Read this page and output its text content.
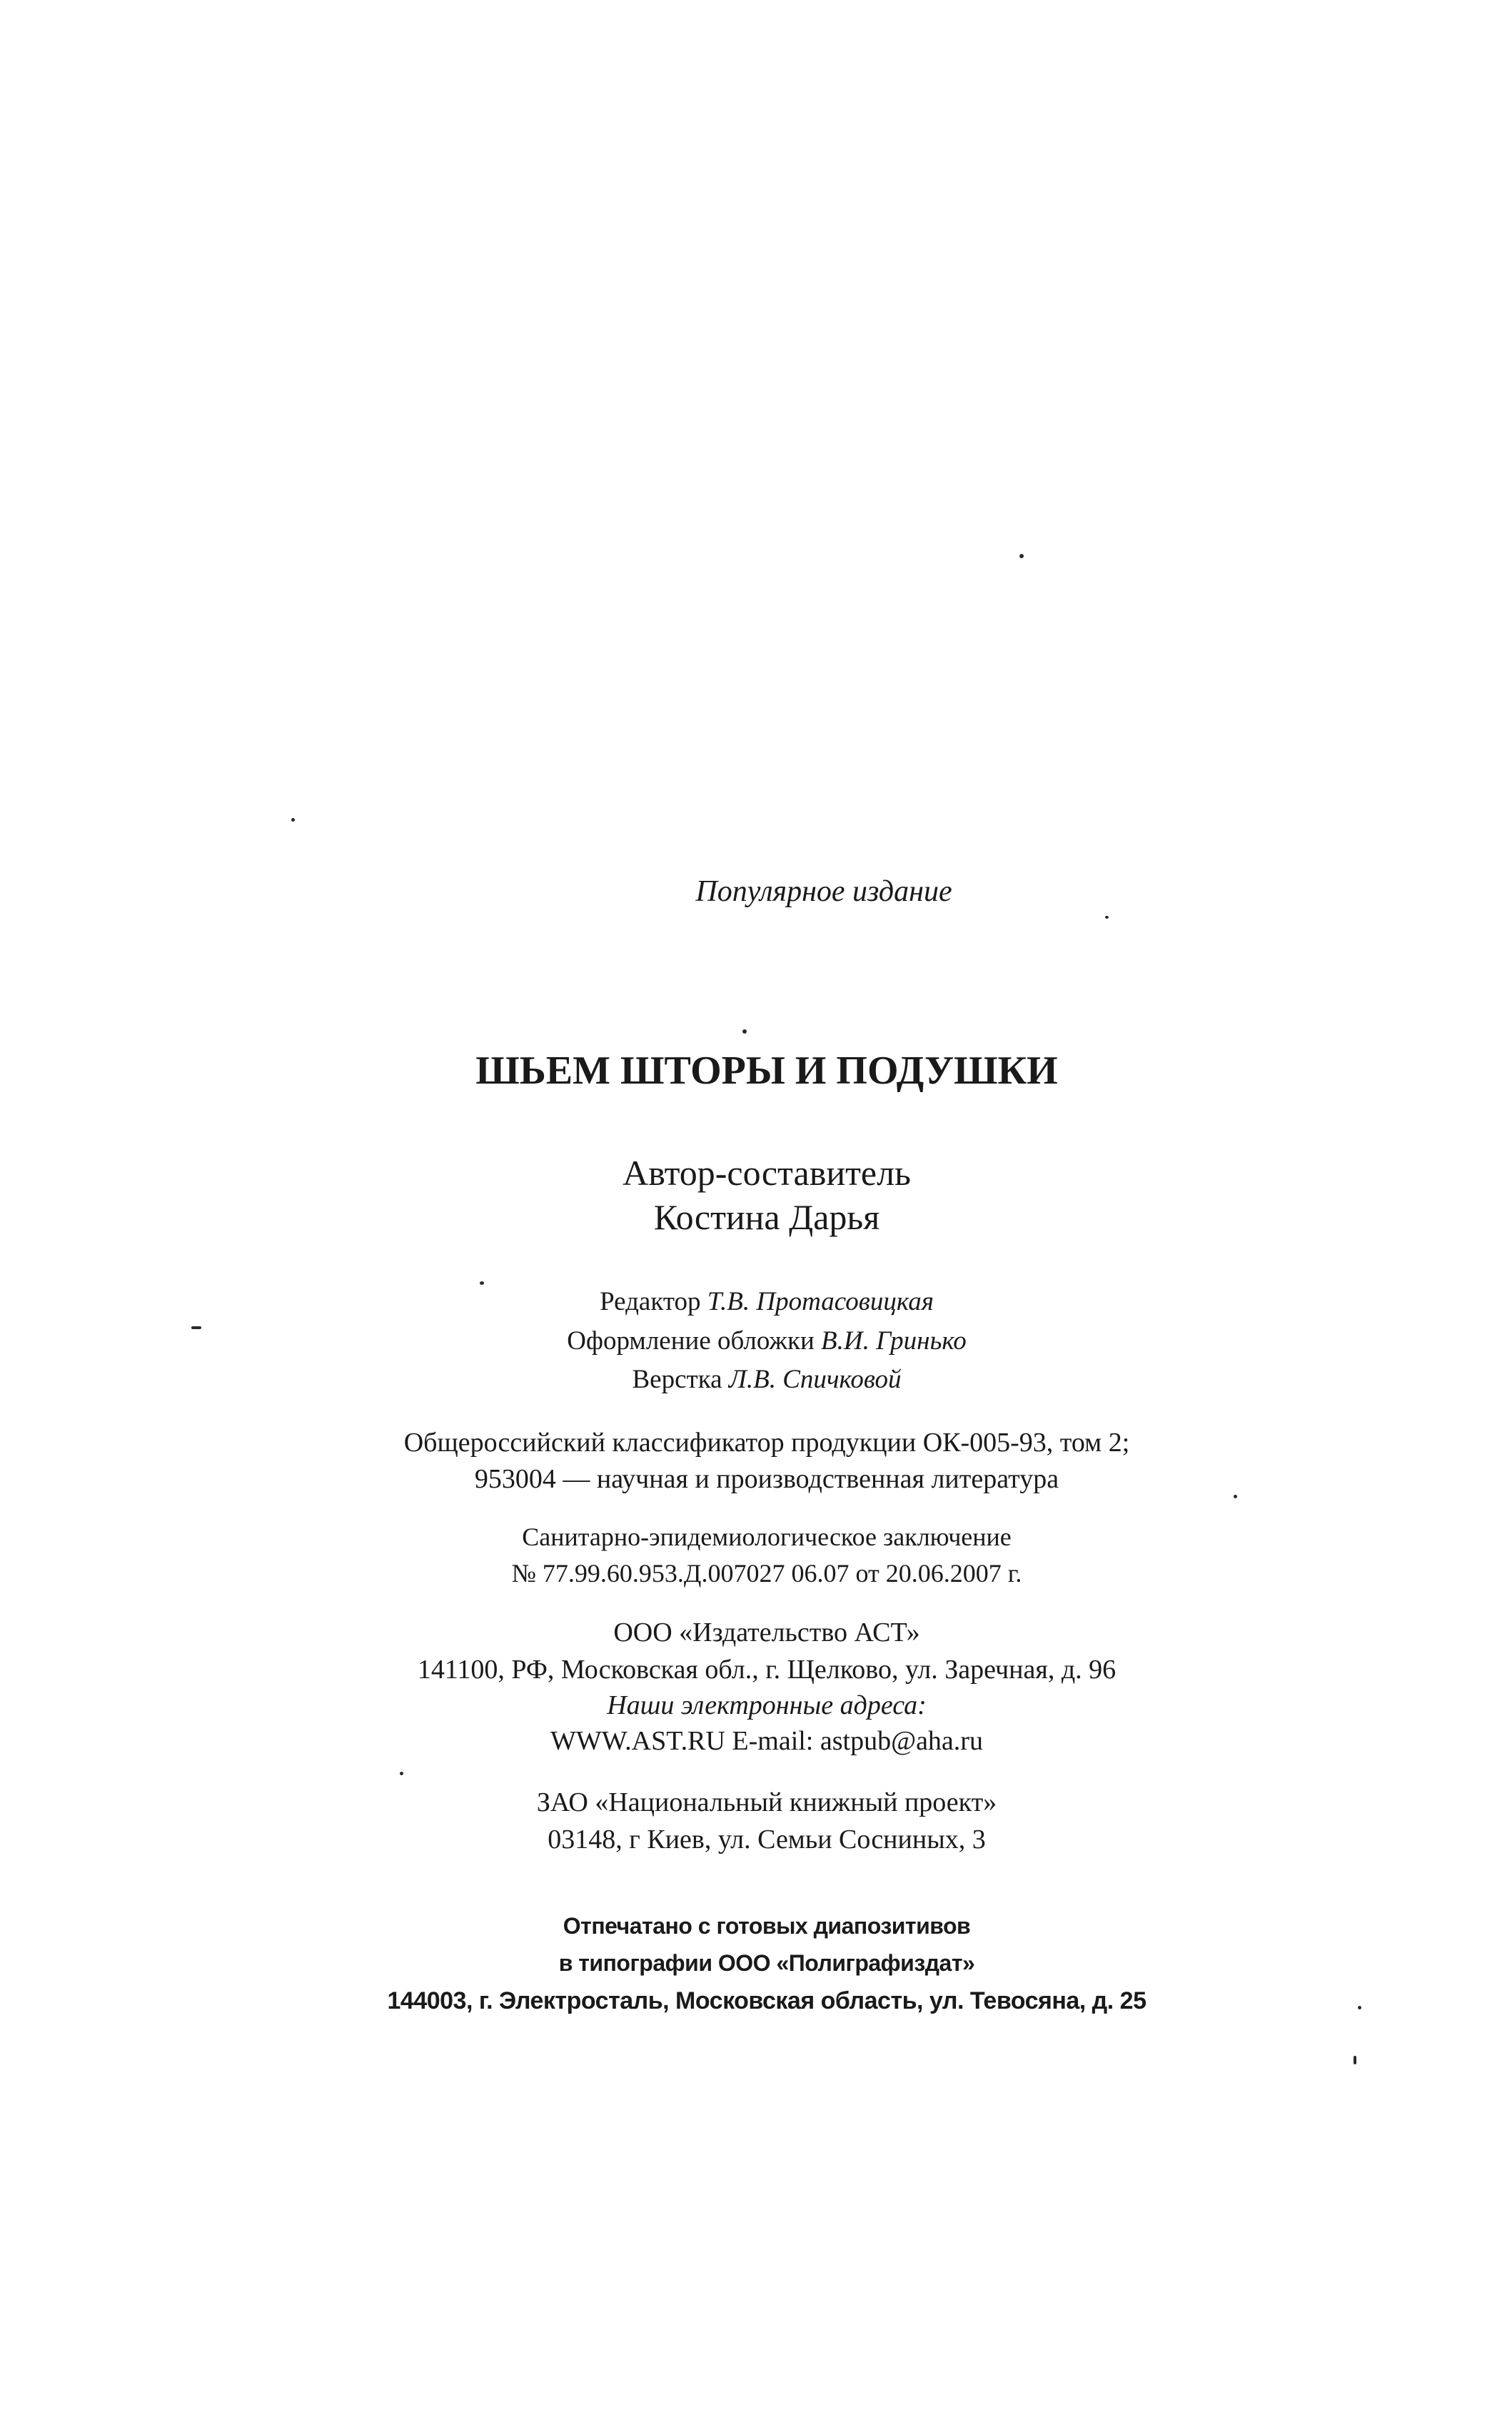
Популярное издание
ШЬЕМ ШТОРЫ И ПОДУШКИ
Автор-составитель
Костина Дарья
Редактор Т.В. Протасовицкая
Оформление обложки В.И. Гринько
Верстка Л.В. Спичковой
Общероссийский классификатор продукции ОК-005-93, том 2;
953004 — научная и производственная литература
Санитарно-эпидемиологическое заключение
№ 77.99.60.953.Д.007027 06.07 от 20.06.2007 г.
ООО «Издательство АСТ»
141100, РФ, Московская обл., г. Щелково, ул. Заречная, д. 96
Наши электронные адреса:
WWW.AST.RU E-mail: astpub@aha.ru
ЗАО «Национальный книжный проект»
03148, г Киев, ул. Семьи Сосниных, 3
Отпечатано с готовых диапозитивов
в типографии ООО «Полиграфиздат»
144003, г. Электросталь, Московская область, ул. Тевосяна, д. 25
